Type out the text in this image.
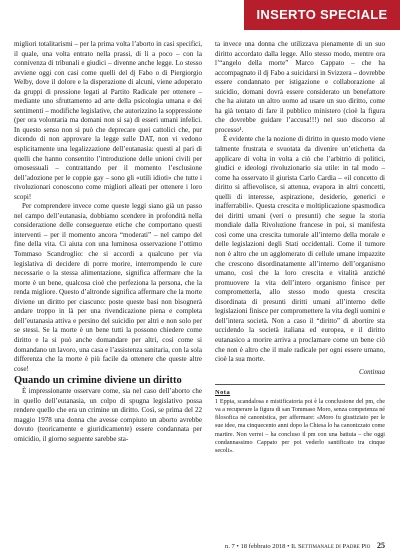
INSERTO SPECIALE

migliori totalitarismi – per la prima volta l’aborto in casi specifici, il quale, una volta entrato nella prassi, di lì a poco – con la connivenza di tribunali e giudici – divenne anche legge. Lo stesso avviene oggi con casi come quelli del dj Fabo o di Piergiorgio Welby, dove il dolore e la disperazione di alcuni, viene adoperato da gruppi di pressione legati al Partito Radicale per ottenere – mediante uno sfruttamento ad arte della psicologia umana e dei sentimenti – modifiche legislative, che autorizzino la soppressione (per ora volontaria ma domani non si sa) di esseri umani infelici. In questo senso non si può che deprecare quei cattolici che, pur dicendo di non approvare la legge sulle DAT, non vi vedono esplicitamente una legalizzazione dell’eutanasia: questi al pari di quelli che hanno consentito l’introduzione delle unioni civili per omosessuali – contrattando per il momento l’esclusione dell’adozione per le coppie gay – sono gli «utili idioti» che tutte i rivoluzionari conoscono come migliori alleati per ottenere i loro scopi!

Per comprendere invece come queste leggi siano già un passo nel campo dell’eutanasia, dobbiamo scendere in profondità nella considerazione delle conseguenze etiche che comportano questi interventi – per il momento ancora “moderati” – nel campo del fine della vita. Ci aiuta con una luminosa osservazione l’ottimo Tommaso Scandroglio: che si accordi a qualcuno per via legislativa di decidere di porre morire, interrompendo le cure necessarie o la stessa alimentazione, significa affermare che la morte è un bene, qualcosa cioè che perfeziona la persona, che la renda migliore. Questo d’altronde significa affermare che la morte diviene un diritto per ciascuno: poste queste basi non bisognerà andare troppo in là per una rivendicazione piena e completa dell’eutanasia attiva e persino del suicidio per altri e non solo per se stessi. Se la morte è un bene tutti la possono chiedere come diritto e la si può anche domandare per altri, così come si domandano un lavoro, una casa e l’assistenza sanitaria, con la sola differenza che la morte è più facile da ottenere che queste altre cose!

Quando un crimine diviene un diritto

È impressionante osservare come, sia nel caso dell’aborto che in quello dell’eutanasia, un colpo di spugna legislativo possa rendere quello che era un crimine un diritto. Così, se prima del 22 maggio 1978 una donna che avesse compiuto un aborto avrebbe dovuto (teoricamente e giuridicamente) essere condannata per omicidio, il giorno seguente sarebbe sta-

ta invece una donna che utilizzava pienamente di un suo diritto accordato dalla legge. Allo stesso modo, mentre ora l’“angelo della morte” Marco Cappato – che ha accompagnato il dj Fabo a suicidarsi in Svizzera – dovrebbe essere condannato per istigazione e collaborazione al suicidio, domani dovrà essere considerato un benefattore che ha aiutato un altro uomo ad usare un suo diritto, come ha già tentato di fare il pubblico ministero (cioè la figura che dovrebbe guidare l’accusa!!!) nel suo discorso al processo¹.

È evidente che la nozione di diritto in questo modo viene talmente frustrata e svuotata da divenire un’etichetta da applicare di volta in volta a ciò che l’arbitrio di politici, giudici e ideologi rivoluzionario sia utile: in tal modo – come ha osservato il giurista Carlo Cardia – «il concetto di diritto si affievolisce, si attenua, evapora in altri concetti, quelli di interesse, aspirazione, desiderio, generici e inafferrabili». Questa crescita e moltiplicazione spasmodica dei diritti umani (veri o presunti) che segue la storia mondiale dalla Rivoluzione francese in poi, si manifesta così come una crescita tumorale all’interno della morale e delle legislazioni degli Stati occidentali. Come il tumore non è altro che un agglomerato di cellule umane impazzite che crescono disordinatamente all’interno dell’organismo umano, così che la loro crescita e vitalità anziché promuovere la vita dell’intero organismo finisce per comprometterla, allo stesso modo questa crescita disordinata di presunti diritti umani all’interno delle legislazioni finisce per compromettere la vita degli uomini e dell’intera società. Non a caso il “diritto” di abortire sta uccidendo la società italiana ed europea, e il diritto eutanasico a morire arriva a proclamare come un bene ciò che non è altro che il male radicale per ogni essere umano, cioè la sua morte.

Continua

Nota

1 Eppia, scandalosa e mistificatoria poi è la conclusione del pm, che va a recuperare la figura di san Tommaso Moro, senza competenza né filosofica né canonistica, per affermare: «Moro fu giustiziato per le sue idee, ma cinquecento anni dopo la Chiesa lo ha canonizzato come martire. Non verrei – ha concluso il pm con una battuta – che oggi condannassimo Cappato per poi vederlo santificato tra cinque secoli».

n. 7 • 18 febbraio 2018 • Il Settimanale di Padre Pio 25
